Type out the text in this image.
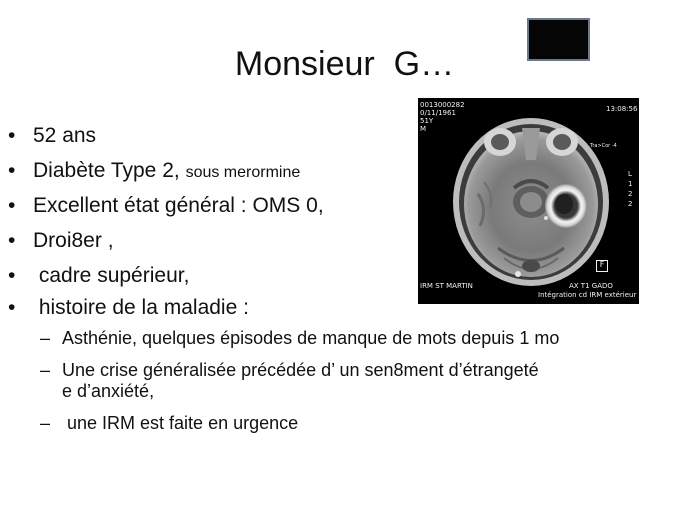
Monsieur  G…
• 52 ans
• Diabète Type 2, sous merormine
• Excellent état général : OMS 0,
• Droi8er ,
• cadre supérieur,
• histoire de la maladie :
– Asthénie, quelques épisodes de manque de mots depuis 1 mo
– Une crise généralisée précédée d’ un sen8ment d’étrangeté
e d’anxiété,
– une IRM est faite en urgence
0013000282
0/11/1961
51Y
M
13:08:56
Tra>Cor -4
L
1
2
2
F
IRM ST MARTIN	AX T1 GADO
Intégration cd IRM extérieur
